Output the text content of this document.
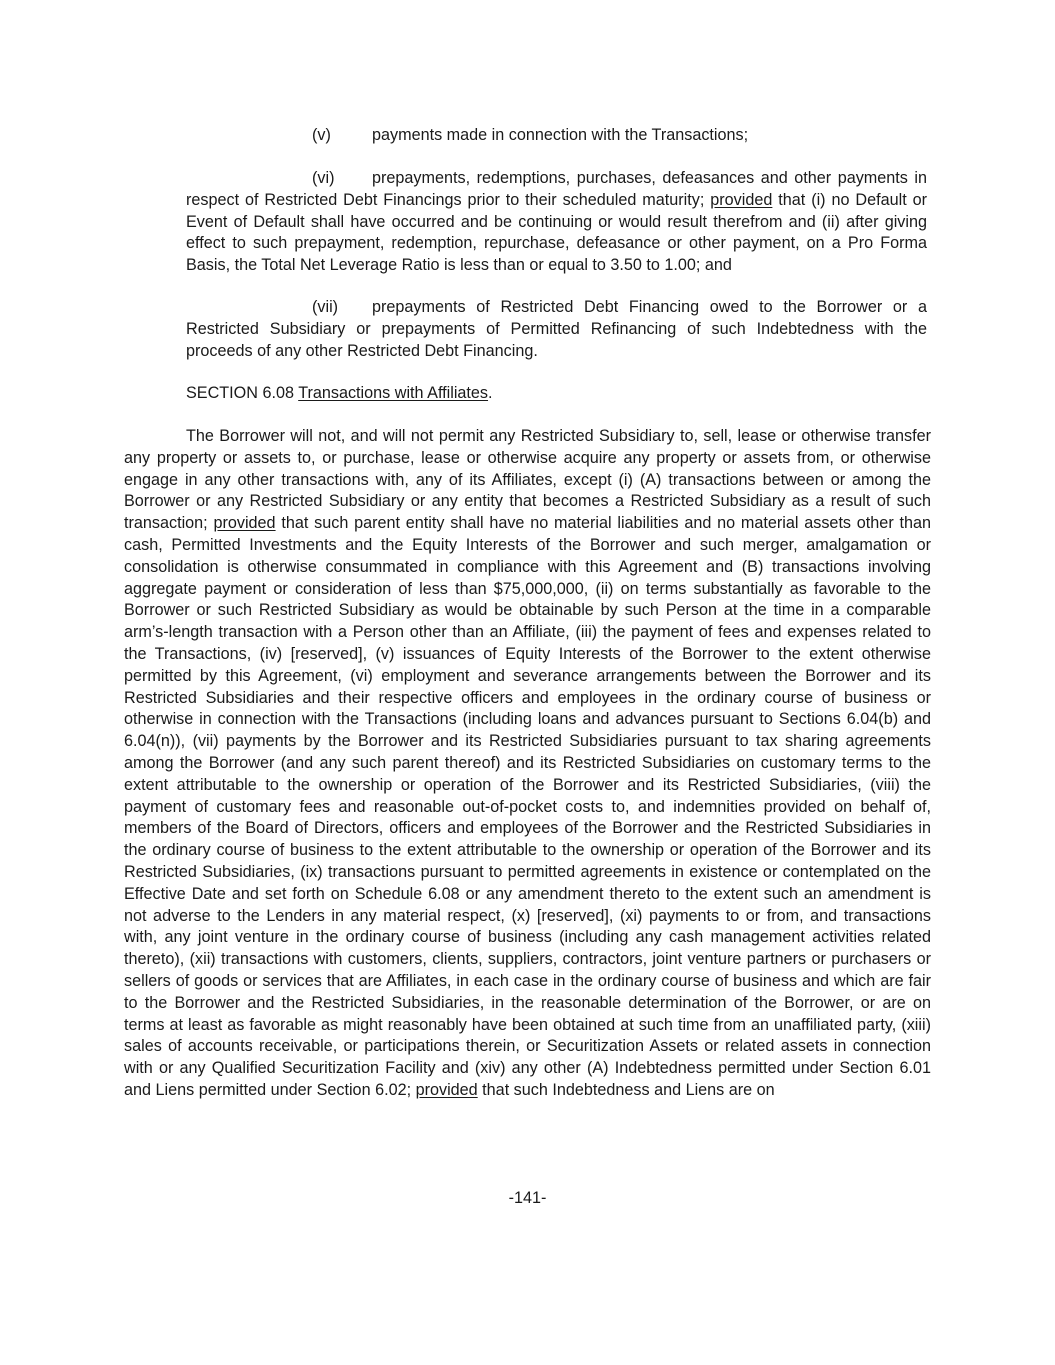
(v)	payments made in connection with the Transactions;

(vi) prepayments, redemptions, purchases, defeasances and other payments in respect of Restricted Debt Financings prior to their scheduled maturity; provided that (i) no Default or Event of Default shall have occurred and be continuing or would result therefrom and (ii) after giving effect to such prepayment, redemption, repurchase, defeasance or other payment, on a Pro Forma Basis, the Total Net Leverage Ratio is less than or equal to 3.50 to 1.00; and

(vii) prepayments of Restricted Debt Financing owed to the Borrower or a Restricted Subsidiary or prepayments of Permitted Refinancing of such Indebtedness with the proceeds of any other Restricted Debt Financing.

SECTION 6.08 Transactions with Affiliates.

The Borrower will not, and will not permit any Restricted Subsidiary to, sell, lease or otherwise transfer any property or assets to, or purchase, lease or otherwise acquire any property or assets from, or otherwise engage in any other transactions with, any of its Affiliates, except (i) (A) transactions between or among the Borrower or any Restricted Subsidiary or any entity that becomes a Restricted Subsidiary as a result of such transaction; provided that such parent entity shall have no material liabilities and no material assets other than cash, Permitted Investments and the Equity Interests of the Borrower and such merger, amalgamation or consolidation is otherwise consummated in compliance with this Agreement and (B) transactions involving aggregate payment or consideration of less than $75,000,000, (ii) on terms substantially as favorable to the Borrower or such Restricted Subsidiary as would be obtainable by such Person at the time in a comparable arm’s-length transaction with a Person other than an Affiliate, (iii) the payment of fees and expenses related to the Transactions, (iv) [reserved], (v) issuances of Equity Interests of the Borrower to the extent otherwise permitted by this Agreement, (vi) employment and severance arrangements between the Borrower and its Restricted Subsidiaries and their respective officers and employees in the ordinary course of business or otherwise in connection with the Transactions (including loans and advances pursuant to Sections 6.04(b) and 6.04(n)), (vii) payments by the Borrower and its Restricted Subsidiaries pursuant to tax sharing agreements among the Borrower (and any such parent thereof) and its Restricted Subsidiaries on customary terms to the extent attributable to the ownership or operation of the Borrower and its Restricted Subsidiaries, (viii) the payment of customary fees and reasonable out-of-pocket costs to, and indemnities provided on behalf of, members of the Board of Directors, officers and employees of the Borrower and the Restricted Subsidiaries in the ordinary course of business to the extent attributable to the ownership or operation of the Borrower and its Restricted Subsidiaries, (ix) transactions pursuant to permitted agreements in existence or contemplated on the Effective Date and set forth on Schedule 6.08 or any amendment thereto to the extent such an amendment is not adverse to the Lenders in any material respect, (x) [reserved], (xi) payments to or from, and transactions with, any joint venture in the ordinary course of business (including any cash management activities related thereto), (xii) transactions with customers, clients, suppliers, contractors, joint venture partners or purchasers or sellers of goods or services that are Affiliates, in each case in the ordinary course of business and which are fair to the Borrower and the Restricted Subsidiaries, in the reasonable determination of the Borrower, or are on terms at least as favorable as might reasonably have been obtained at such time from an unaffiliated party, (xiii) sales of accounts receivable, or participations therein, or Securitization Assets or related assets in connection with or any Qualified Securitization Facility and (xiv) any other (A) Indebtedness permitted under Section 6.01 and Liens permitted under Section 6.02; provided that such Indebtedness and Liens are on

-141-
